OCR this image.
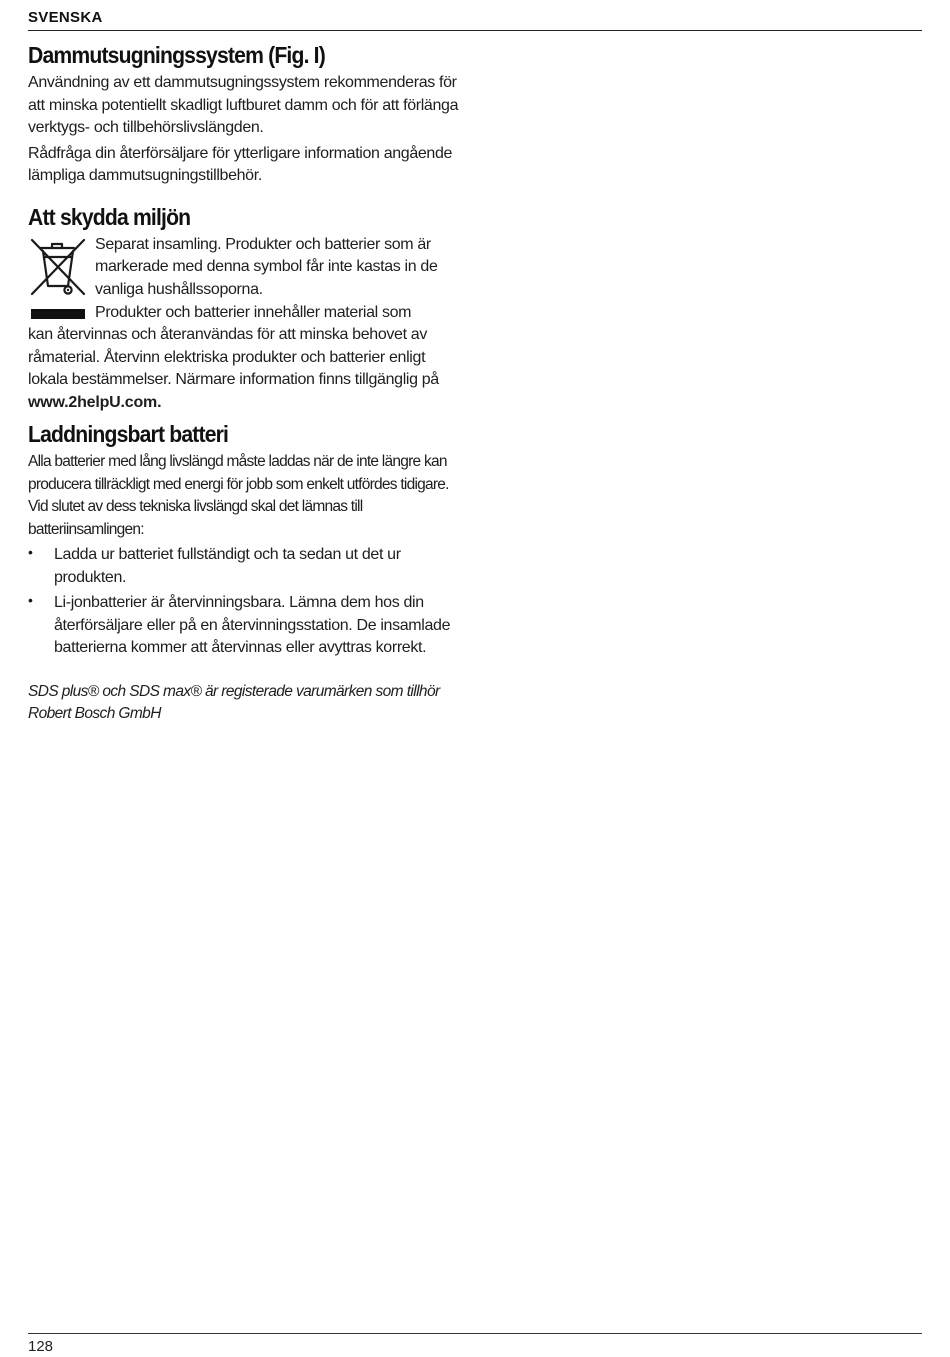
SVENSKA
Dammutsugningssystem (Fig. I)

Användning av ett dammutsugningssystem rekommenderas för att minska potentiellt skadligt luftburet damm och för att förlänga verktygs- och tillbehörslivslängden.

Rådfråga din återförsäljare för ytterligare information angående lämpliga dammutsugningstillbehör.

Att skydda miljön

Separat insamling. Produkter och batterier som är markerade med denna symbol får inte kastas in de vanliga hushållssoporna.

Produkter och batterier innehåller material som

kan återvinnas och återanvändas för att minska behovet av råmaterial. Återvinn elektriska produkter och batterier enligt lokala bestämmelser. Närmare information finns tillgänglig på

www.2helpU.com.

Laddningsbart batteri

Alla batterier med lång livslängd måste laddas när de inte längre kan producera tillräckligt med energi för jobb som enkelt utfördes tidigare. Vid slutet av dess tekniska livslängd skal det lämnas till batteriinsamlingen:

• Ladda ur batteriet fullständigt och ta sedan ut det ur produkten.
• Li-jonbatterier är återvinningsbara. Lämna dem hos din återförsäljare eller på en återvinningsstation. De insamlade batterierna kommer att återvinnas eller avyttras korrekt.

SDS plus® och SDS max® är registerade varumärken som tillhör Robert Bosch GmbH

128
